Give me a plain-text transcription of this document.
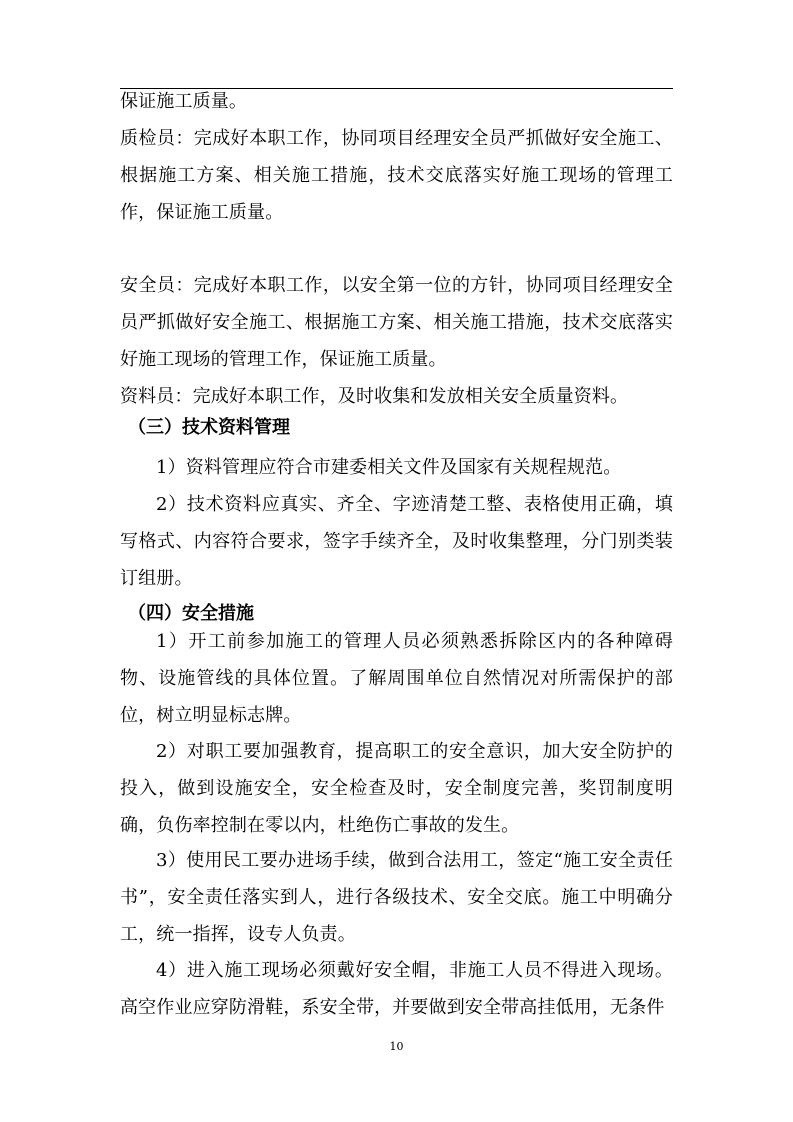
保证施工质量。

质检员：完成好本职工作，协同项目经理安全员严抓做好安全施工、根据施工方案、相关施工措施，技术交底落实好施工现场的管理工作，保证施工质量。

安全员：完成好本职工作，以安全第一位的方针，协同项目经理安全员严抓做好安全施工、根据施工方案、相关施工措施，技术交底落实好施工现场的管理工作，保证施工质量。

资料员：完成好本职工作，及时收集和发放相关安全质量资料。

（三）技术资料管理

1）资料管理应符合市建委相关文件及国家有关规程规范。

2）技术资料应真实、齐全、字迹清楚工整、表格使用正确，填写格式、内容符合要求，签字手续齐全，及时收集整理，分门别类装订组册。

（四）安全措施

1）开工前参加施工的管理人员必须熟悉拆除区内的各种障碍物、设施管线的具体位置。了解周围单位自然情况对所需保护的部位，树立明显标志牌。

2）对职工要加强教育，提高职工的安全意识，加大安全防护的投入，做到设施安全，安全检查及时，安全制度完善，奖罚制度明确，负伤率控制在零以内，杜绝伤亡事故的发生。

3）使用民工要办进场手续，做到合法用工，签定“施工安全责任书”，安全责任落实到人，进行各级技术、安全交底。施工中明确分工，统一指挥，设专人负责。

4）进入施工现场必须戴好安全帽，非施工人员不得进入现场。高空作业应穿防滑鞋，系安全带，并要做到安全带高挂低用，无条件

10
